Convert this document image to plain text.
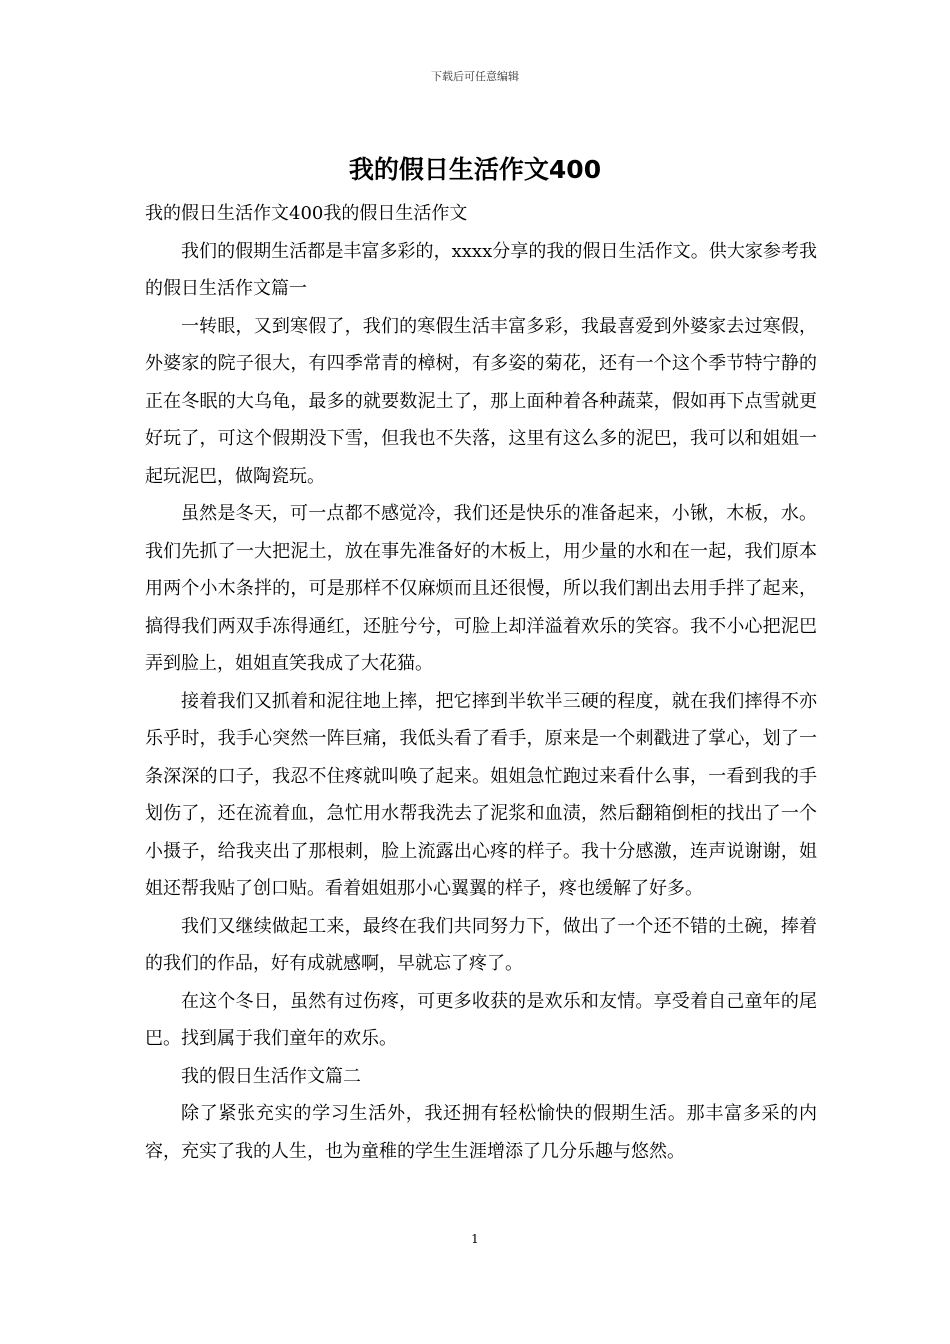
下载后可任意编辑
我的假日生活作文400

我的假日生活作文400我的假日生活作文

我们的假期生活都是丰富多彩的，xxxx分享的我的假日生活作文。供大家参考我的假日生活作文篇一

一转眼，又到寒假了，我们的寒假生活丰富多彩，我最喜爱到外婆家去过寒假，外婆家的院子很大，有四季常青的樟树，有多姿的菊花，还有一个这个季节特宁静的正在冬眠的大乌龟，最多的就要数泥土了，那上面种着各种蔬菜，假如再下点雪就更好玩了，可这个假期没下雪，但我也不失落，这里有这么多的泥巴，我可以和姐姐一起玩泥巴，做陶瓷玩。

虽然是冬天，可一点都不感觉冷，我们还是快乐的准备起来，小锹，木板，水。我们先抓了一大把泥土，放在事先准备好的木板上，用少量的水和在一起，我们原本用两个小木条拌的，可是那样不仅麻烦而且还很慢，所以我们割出去用手拌了起来，搞得我们两双手冻得通红，还脏兮兮，可脸上却洋溢着欢乐的笑容。我不小心把泥巴弄到脸上，姐姐直笑我成了大花猫。

接着我们又抓着和泥往地上摔，把它摔到半软半三硬的程度，就在我们摔得不亦乐乎时，我手心突然一阵巨痛，我低头看了看手，原来是一个刺戳进了掌心，划了一条深深的口子，我忍不住疼就叫唤了起来。姐姐急忙跑过来看什么事，一看到我的手划伤了，还在流着血，急忙用水帮我洗去了泥浆和血渍，然后翻箱倒柜的找出了一个小摄子，给我夹出了那根刺，脸上流露出心疼的样子。我十分感激，连声说谢谢，姐姐还帮我贴了创口贴。看着姐姐那小心翼翼的样子，疼也缓解了好多。

我们又继续做起工来，最终在我们共同努力下，做出了一个还不错的土碗，捧着的我们的作品，好有成就感啊，早就忘了疼了。

在这个冬日，虽然有过伤疼，可更多收获的是欢乐和友情。享受着自己童年的尾巴。找到属于我们童年的欢乐。

我的假日生活作文篇二

除了紧张充实的学习生活外，我还拥有轻松愉快的假期生活。那丰富多采的内容，充实了我的人生，也为童稚的学生生涯增添了几分乐趣与悠然。

1
